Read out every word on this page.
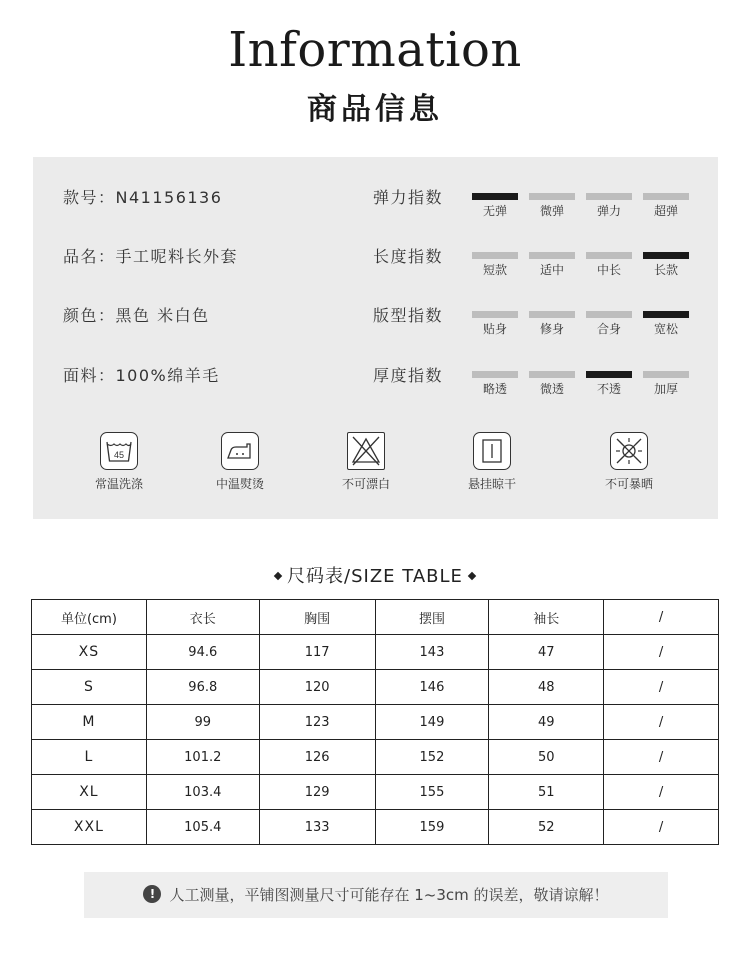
Information
商品信息
款号：N41156136	弹力指数
无弹	微弹	弹力	超弹
品名：手工呢料长外套	长度指数
短款	适中	中长	长款
颜色：黑色 米白色	版型指数
贴身	修身	合身	宽松
面料：100%绵羊毛	厚度指数
略透	微透	不透	加厚
45
常温洗涤	中温熨烫	不可漂白	悬挂晾干	不可暴晒
尺码表/SIZE TABLE
单位(cm)	衣长	胸围	摆围	袖长	/
XS	94.6	117	143	47	/
S	96.8	120	146	48	/
M	99	123	149	49	/
L	101.2	126	152	50	/
XL	103.4	129	155	51	/
XXL	105.4	133	159	52	/
! 人工测量，平铺图测量尺寸可能存在 1~3cm 的误差，敬请谅解！
